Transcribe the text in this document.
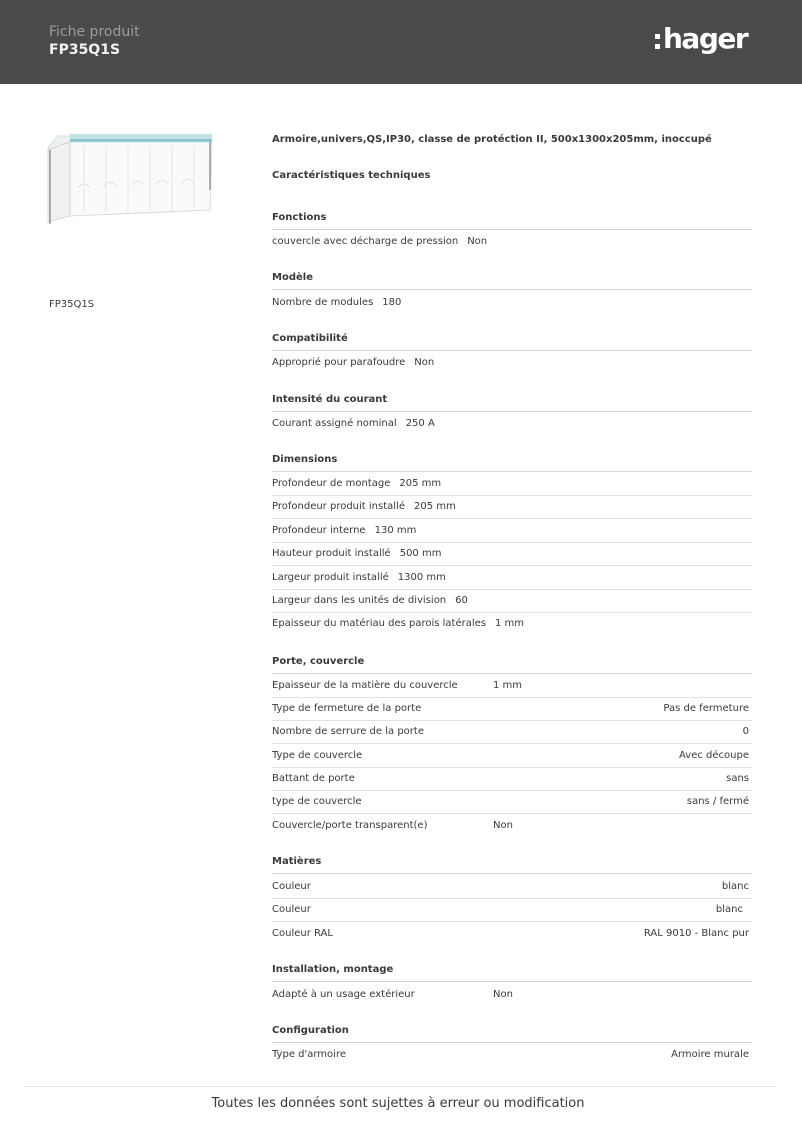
Fiche produit
FP35Q1S	hager
FP35Q1S
Armoire,univers,QS,IP30, classe de protéction II, 500x1300x205mm, inoccupé
Caractéristiques techniques
Fonctions
couvercle avec décharge de pression Non
Modèle
Nombre de modules 180
Compatibilité
Approprié pour parafoudre Non
Intensité du courant
Courant assigné nominal 250 A
Dimensions
Profondeur de montage 205 mm
Profondeur produit installé 205 mm
Profondeur interne 130 mm
Hauteur produit installé 500 mm
Largeur produit installé 1300 mm
Largeur dans les unités de division 60
Epaisseur du matériau des parois latérales 1 mm
Porte, couvercle
Epaisseur de la matière du couvercle	1 mm
Type de fermeture de la porte	Pas de fermeture
Nombre de serrure de la porte	0
Type de couvercle	Avec découpe
Battant de porte	sans
type de couvercle	sans / fermé
Couvercle/porte transparent(e)	Non
Matières
Couleur	blanc
Couleur	blanc
Couleur RAL	RAL 9010 - Blanc pur
Installation, montage
Adapté à un usage extérieur	Non
Configuration
Type d'armoire	Armoire murale
Toutes les données sont sujettes à erreur ou modification
